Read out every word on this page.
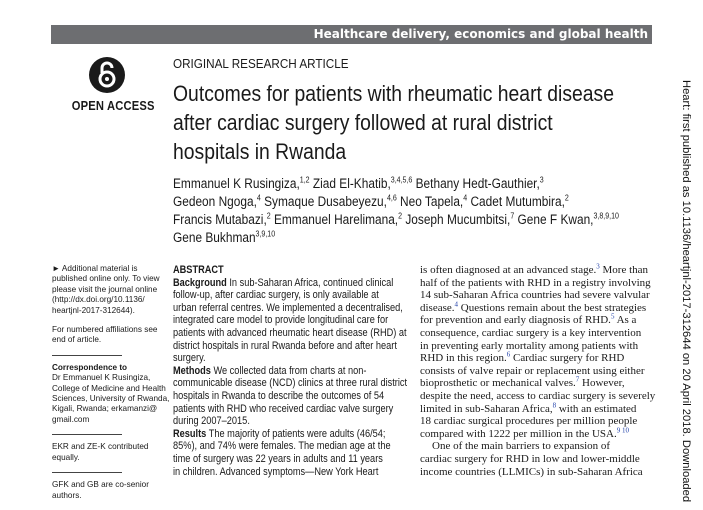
Healthcare delivery, economics and global health
OPEN ACCESS
ORIGINAL RESEARCH ARTICLE
Outcomes for patients with rheumatic heart disease
after cardiac surgery followed at rural district
hospitals in Rwanda
Emmanuel K Rusingiza,$^{1,2}$ Ziad El-Khatib,$^{3,4,5,6}$ Bethany Hedt-Gauthier,$^3$
Gedeon Ngoga,$^4$ Symaque Dusabeyezu,$^{4,6}$ Neo Tapela,$^4$ Cadet Mutumbira,$^2$
Francis Mutabazi,$^2$ Emmanuel Harelimana,$^2$ Joseph Mucumbitsi,$^7$ Gene F Kwan,$^{3,8,9,10}$
Gene Bukhman$^{3,9,10}$
► Additional material is
published online only. To view
please visit the journal online
(http://dx.doi.org/10.1136/
heartjnl-2017-312644).
For numbered affiliations see
end of article.
Correspondence to
Dr Emmanuel K Rusingiza,
College of Medicine and Health
Sciences, University of Rwanda,
Kigali, Rwanda; erkamanzi@
gmail.com
EKR and ZE-K contributed
equally.
GFK and GB are co-senior
authors.
ABSTRACT
Background In sub-Saharan Africa, continued clinical
follow-up, after cardiac surgery, is only available at
urban referral centres. We implemented a decentralised,
integrated care model to provide longitudinal care for
patients with advanced rheumatic heart disease (RHD) at
district hospitals in rural Rwanda before and after heart
surgery.
Methods We collected data from charts at non-
communicable disease (NCD) clinics at three rural district
hospitals in Rwanda to describe the outcomes of 54
patients with RHD who received cardiac valve surgery
during 2007–2015.
Results The majority of patients were adults (46/54;
85%), and 74% were females. The median age at the
time of surgery was 22 years in adults and 11 years
in children. Advanced symptoms—New York Heart
is often diagnosed at an advanced stage.$^3$ More than
half of the patients with RHD in a registry involving
14 sub-Saharan Africa countries had severe valvular
disease.$^4$ Questions remain about the best strategies
for prevention and early diagnosis of RHD.$^5$ As a
consequence, cardiac surgery is a key intervention
in preventing early mortality among patients with
RHD in this region.$^6$ Cardiac surgery for RHD
consists of valve repair or replacement using either
bioprosthetic or mechanical valves.$^7$ However,
despite the need, access to cardiac surgery is severely
limited in sub-Saharan Africa,$^8$ with an estimated
18 cardiac surgical procedures per million people
compared with 1222 per million in the USA.$^{9 10}$
One of the main barriers to expansion of
cardiac surgery for RHD in low and lower-middle
income countries (LLMICs) in sub-Saharan Africa	Heart: first published as 10.1136/heartjnl-2017-312644 on 20 April 2018. Downloaded
